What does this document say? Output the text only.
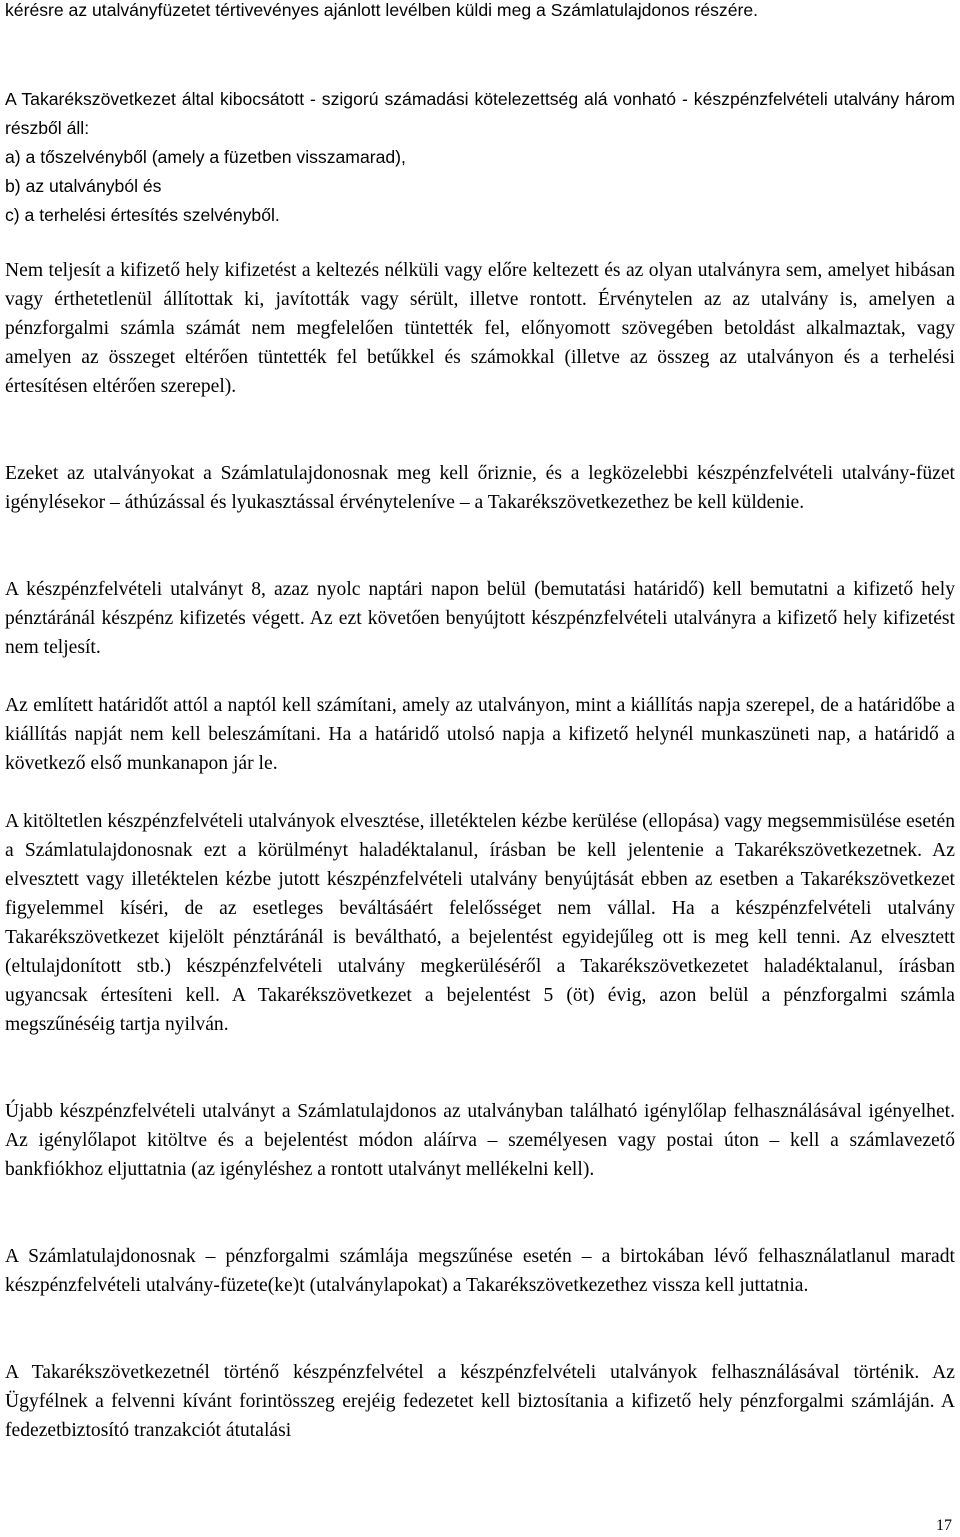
kérésre az utalványfüzetet tértivevényes ajánlott levélben küldi meg a Számlatulajdonos részére.

A Takarékszövetkezet által kibocsátott - szigorú számadási kötelezettség alá vonható - készpénzfelvételi utalvány három részből áll:

a) a tőszelvényből (amely a füzetben visszamarad),
b) az utalványból és
c) a terhelési értesítés szelvényből.

Nem teljesít a kifizető hely kifizetést a keltezés nélküli vagy előre keltezett és az olyan utalványra sem, amelyet hibásan vagy érthetetlenül állítottak ki, javították vagy sérült, illetve rontott. Érvénytelen az az utalvány is, amelyen a pénzforgalmi számla számát nem megfelelően tüntették fel, előnyomott szövegében betoldást alkalmaztak, vagy amelyen az összeget eltérően tüntették fel betűkkel és számokkal (illetve az összeg az utalványon és a terhelési értesítésen eltérően szerepel).

Ezeket az utalványokat a Számlatulajdonosnak meg kell őriznie, és a legközelebbi készpénzfelvételi utalvány-füzet igénylésekor – áthúzással és lyukasztással érvényteleníve – a Takarékszövetkezethez be kell küldenie.

A készpénzfelvételi utalványt 8, azaz nyolc naptári napon belül (bemutatási határidő) kell bemutatni a kifizető hely pénztáránál készpénz kifizetés végett. Az ezt követően benyújtott készpénzfelvételi utalványra a kifizető hely kifizetést nem teljesít.

Az említett határidőt attól a naptól kell számítani, amely az utalványon, mint a kiállítás napja szerepel, de a határidőbe a kiállítás napját nem kell beleszámítani. Ha a határidő utolsó napja a kifizető helynél munkaszüneti nap, a határidő a következő első munkanapon jár le.

A kitöltetlen készpénzfelvételi utalványok elvesztése, illetéktelen kézbe kerülése (ellopása) vagy megsemmisülése esetén a Számlatulajdonosnak ezt a körülményt haladéktalanul, írásban be kell jelentenie a Takarékszövetkezetnek. Az elvesztett vagy illetéktelen kézbe jutott készpénzfelvételi utalvány benyújtását ebben az esetben a Takarékszövetkezet figyelemmel kíséri, de az esetleges beváltásáért felelősséget nem vállal. Ha a készpénzfelvételi utalvány Takarékszövetkezet kijelölt pénztáránál is beváltható, a bejelentést egyidejűleg ott is meg kell tenni. Az elvesztett (eltulajdonított stb.) készpénzfelvételi utalvány megkerüléséről a Takarékszövetkezetet haladéktalanul, írásban ugyancsak értesíteni kell. A Takarékszövetkezet a bejelentést 5 (öt) évig, azon belül a pénzforgalmi számla megszűnéséig tartja nyilván.

Újabb készpénzfelvételi utalványt a Számlatulajdonos az utalványban található igénylőlap felhasználásával igényelhet. Az igénylőlapot kitöltve és a bejelentést módon aláírva – személyesen vagy postai úton – kell a számlavezető bankfiókhoz eljuttatnia (az igényléshez a rontott utalványt mellékelni kell).

A Számlatulajdonosnak – pénzforgalmi számlája megszűnése esetén – a birtokában lévő felhasználatlanul maradt készpénzfelvételi utalvány-füzete(ke)t (utalványlapokat) a Takarékszövetkezethez vissza kell juttatnia.

A Takarékszövetkezetnél történő készpénzfelvétel a készpénzfelvételi utalványok felhasználásával történik. Az Ügyfélnek a felvenni kívánt forintösszeg erejéig fedezetet kell biztosítania a kifizető hely pénzforgalmi számláján. A fedezetbiztosító tranzakciót átutalási

17
